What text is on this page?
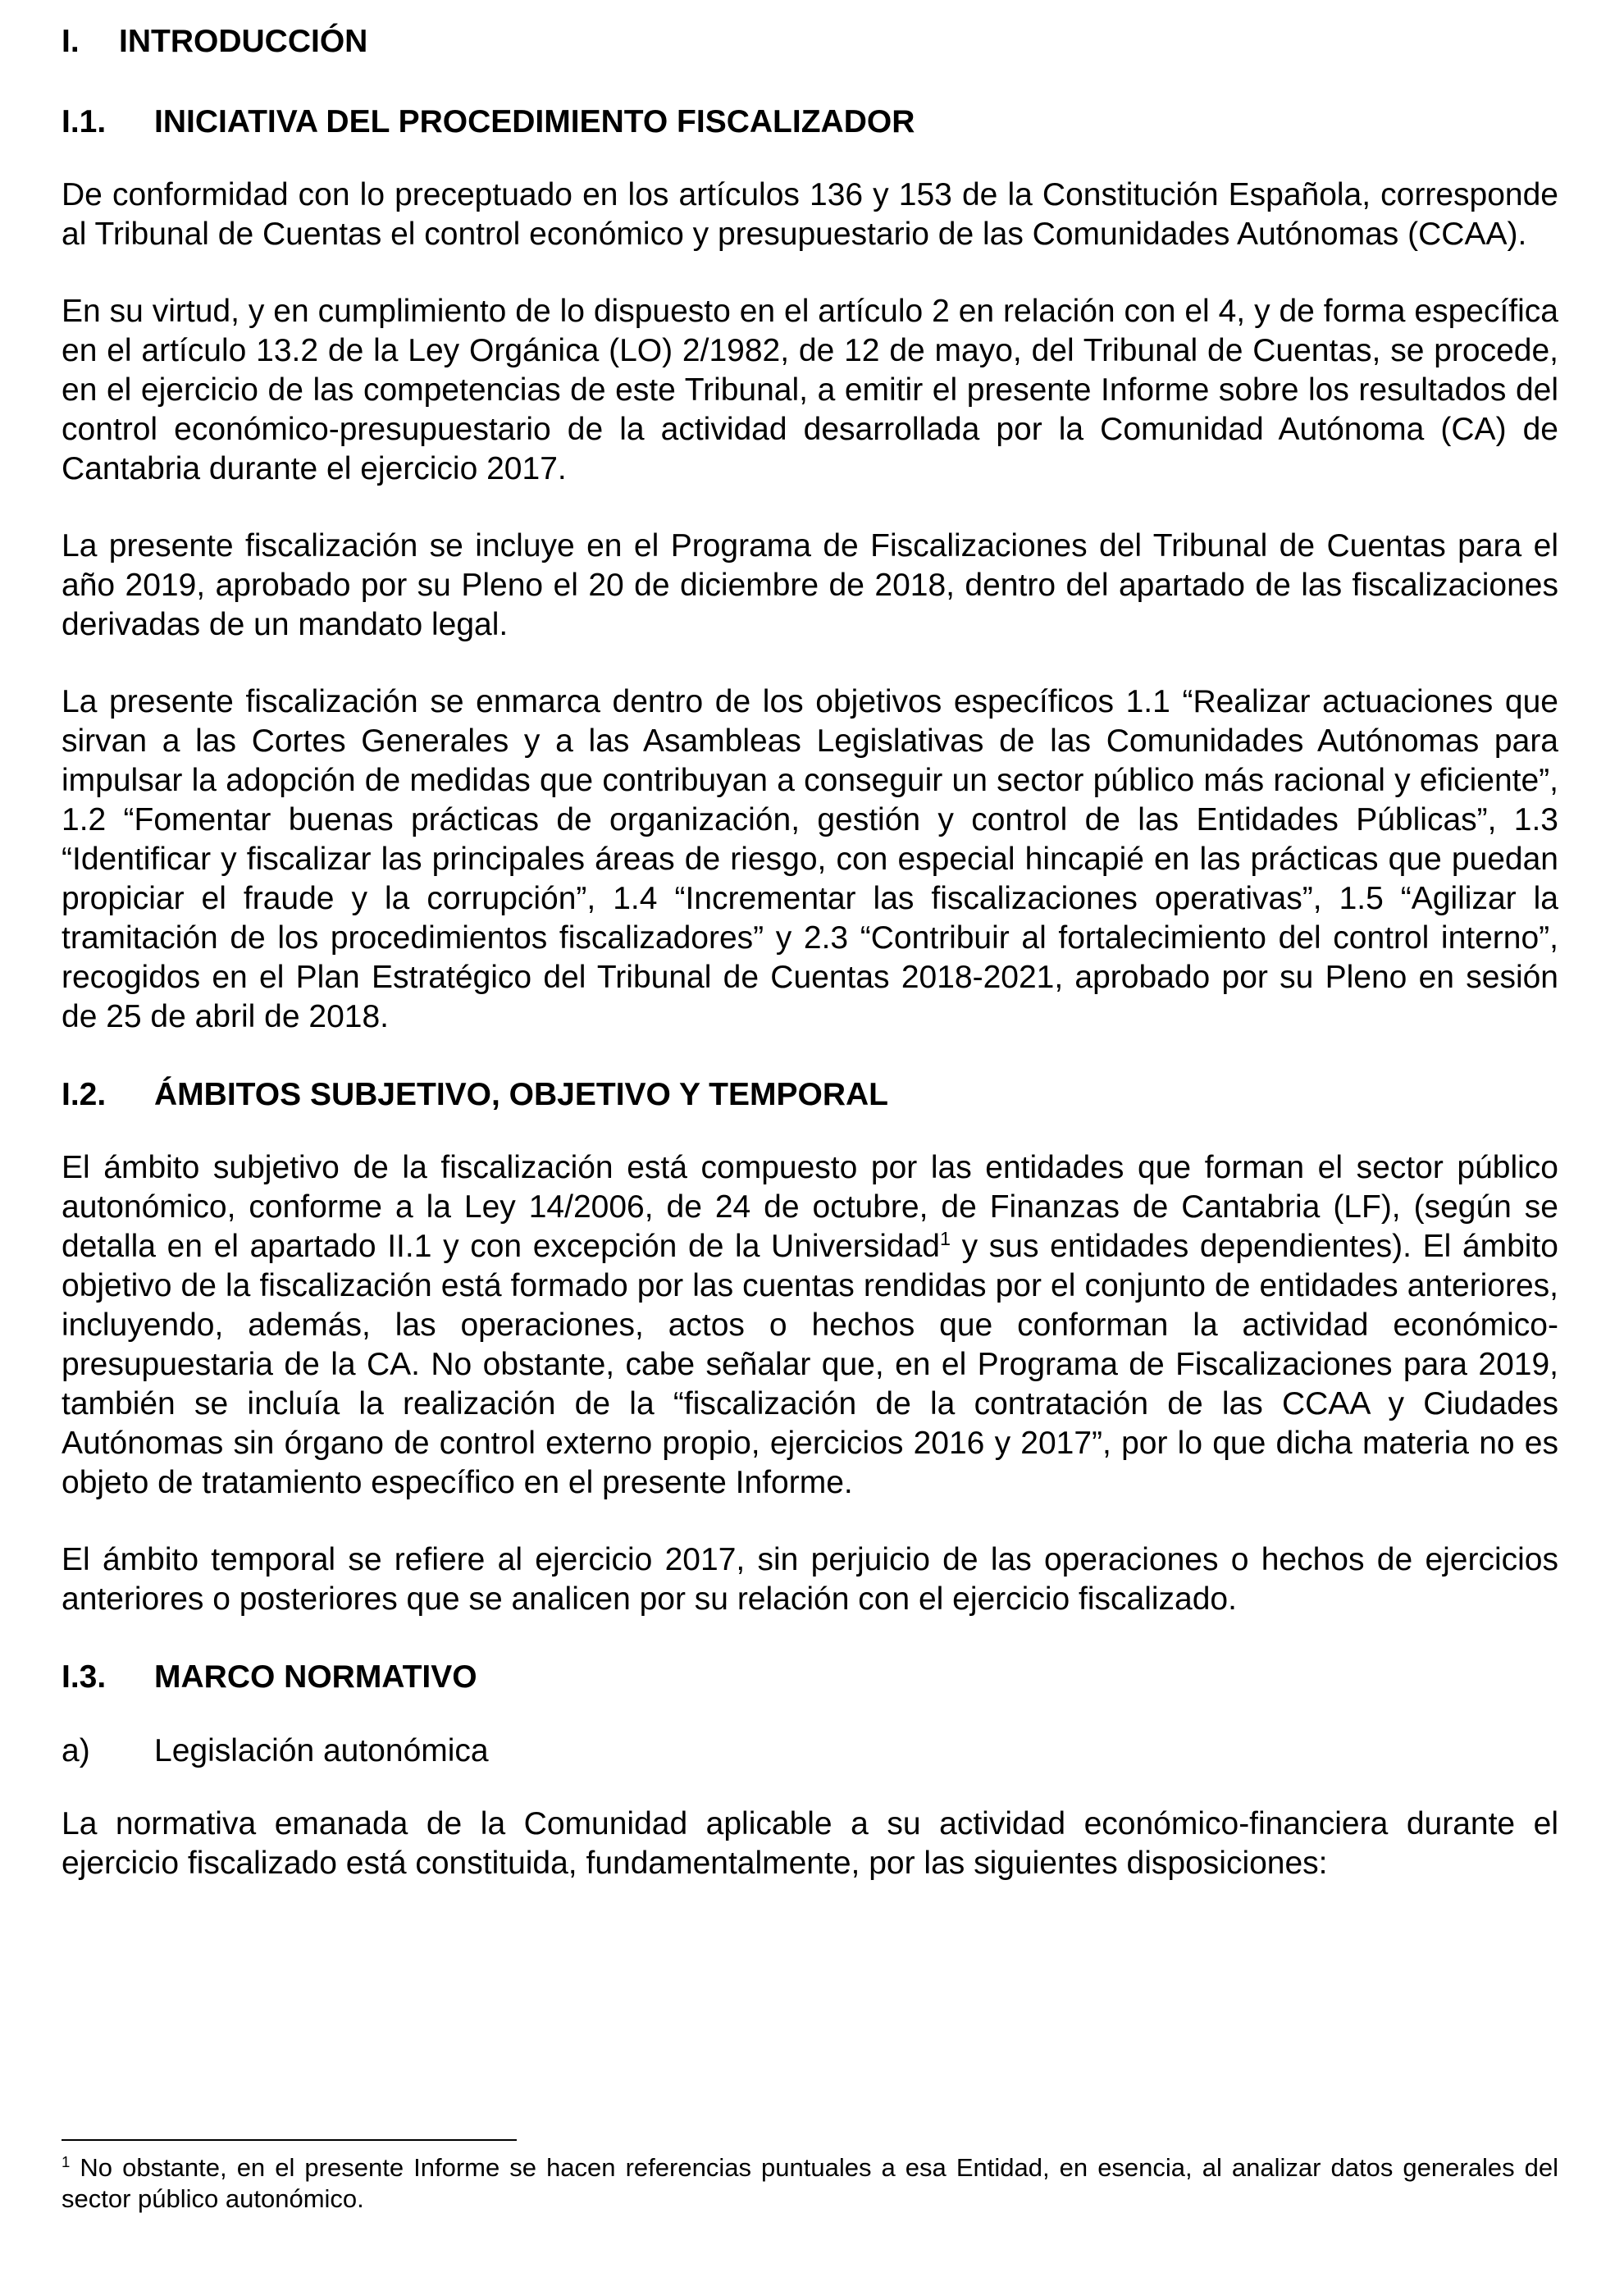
I.	INTRODUCCIÓN
I.1.	INICIATIVA DEL PROCEDIMIENTO FISCALIZADOR

De conformidad con lo preceptuado en los artículos 136 y 153 de la Constitución Española, corresponde al Tribunal de Cuentas el control económico y presupuestario de las Comunidades Autónomas (CCAA).

En su virtud, y en cumplimiento de lo dispuesto en el artículo 2 en relación con el 4, y de forma específica en el artículo 13.2 de la Ley Orgánica (LO) 2/1982, de 12 de mayo, del Tribunal de Cuentas, se procede, en el ejercicio de las competencias de este Tribunal, a emitir el presente Informe sobre los resultados del control económico-presupuestario de la actividad desarrollada por la Comunidad Autónoma (CA) de Cantabria durante el ejercicio 2017.

La presente fiscalización se incluye en el Programa de Fiscalizaciones del Tribunal de Cuentas para el año 2019, aprobado por su Pleno el 20 de diciembre de 2018, dentro del apartado de las fiscalizaciones derivadas de un mandato legal.

La presente fiscalización se enmarca dentro de los objetivos específicos 1.1 “Realizar actuaciones que sirvan a las Cortes Generales y a las Asambleas Legislativas de las Comunidades Autónomas para impulsar la adopción de medidas que contribuyan a conseguir un sector público más racional y eficiente”, 1.2 “Fomentar buenas prácticas de organización, gestión y control de las Entidades Públicas”, 1.3 “Identificar y fiscalizar las principales áreas de riesgo, con especial hincapié en las prácticas que puedan propiciar el fraude y la corrupción”, 1.4 “Incrementar las fiscalizaciones operativas”, 1.5 “Agilizar la tramitación de los procedimientos fiscalizadores” y 2.3 “Contribuir al fortalecimiento del control interno”, recogidos en el Plan Estratégico del Tribunal de Cuentas 2018-2021, aprobado por su Pleno en sesión de 25 de abril de 2018.

I.2.	ÁMBITOS SUBJETIVO, OBJETIVO Y TEMPORAL

El ámbito subjetivo de la fiscalización está compuesto por las entidades que forman el sector público autonómico, conforme a la Ley 14/2006, de 24 de octubre, de Finanzas de Cantabria (LF), (según se detalla en el apartado II.1 y con excepción de la Universidad$^1$ y sus entidades dependientes). El ámbito objetivo de la fiscalización está formado por las cuentas rendidas por el conjunto de entidades anteriores, incluyendo, además, las operaciones, actos o hechos que conforman la actividad económico-presupuestaria de la CA. No obstante, cabe señalar que, en el Programa de Fiscalizaciones para 2019, también se incluía la realización de la “fiscalización de la contratación de las CCAA y Ciudades Autónomas sin órgano de control externo propio, ejercicios 2016 y 2017”, por lo que dicha materia no es objeto de tratamiento específico en el presente Informe.

El ámbito temporal se refiere al ejercicio 2017, sin perjuicio de las operaciones o hechos de ejercicios anteriores o posteriores que se analicen por su relación con el ejercicio fiscalizado.

I.3.	MARCO NORMATIVO
a)	Legislación autonómica

La normativa emanada de la Comunidad aplicable a su actividad económico-financiera durante el ejercicio fiscalizado está constituida, fundamentalmente, por las siguientes disposiciones:

$^1$ No obstante, en el presente Informe se hacen referencias puntuales a esa Entidad, en esencia, al analizar datos generales del sector público autonómico.
